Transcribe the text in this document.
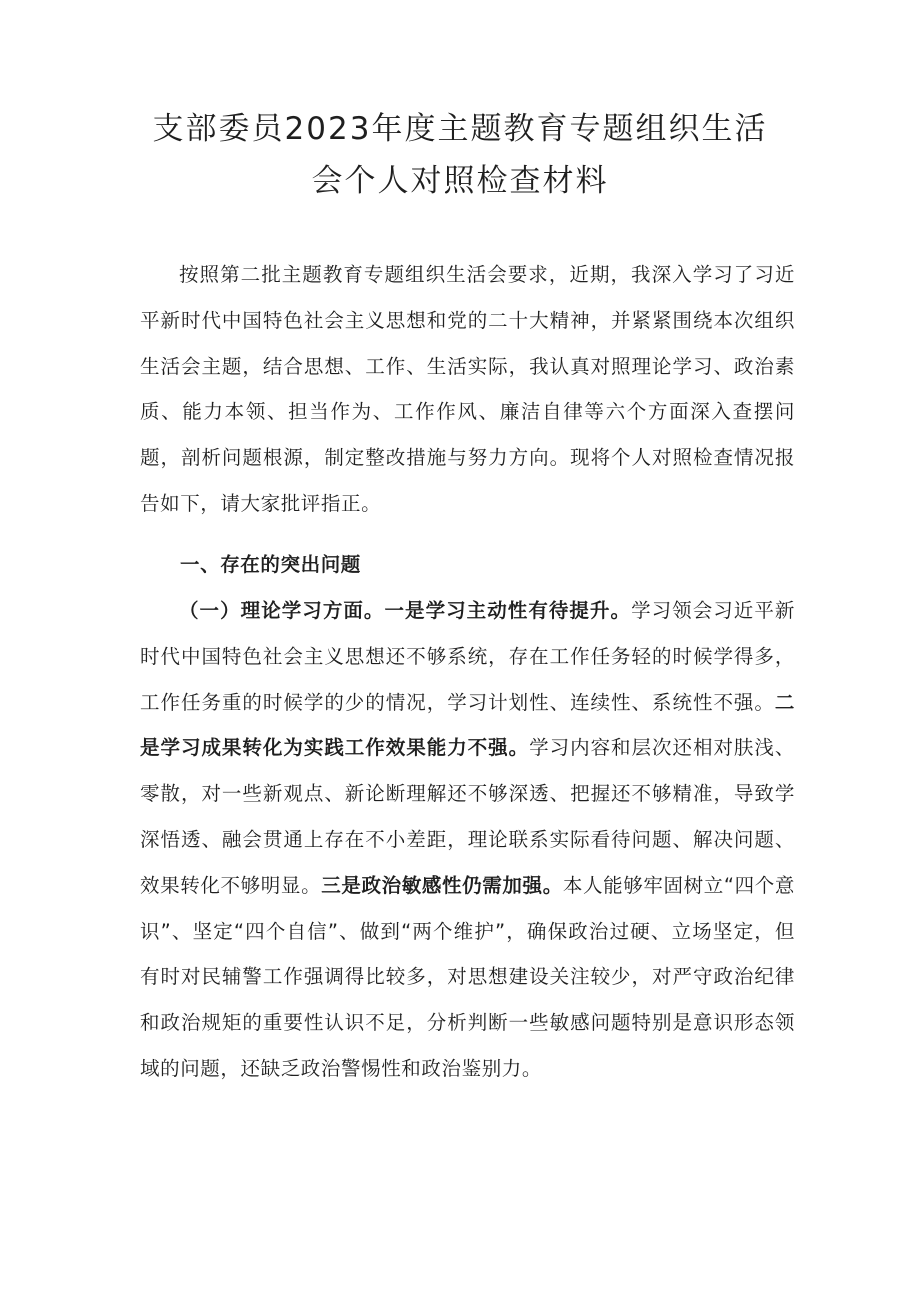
支部委员2023年度主题教育专题组织生活
会个人对照检查材料

按照第二批主题教育专题组织生活会要求，近期，我深入学习了习近平新时代中国特色社会主义思想和党的二十大精神，并紧紧围绕本次组织生活会主题，结合思想、工作、生活实际，我认真对照理论学习、政治素质、能力本领、担当作为、工作作风、廉洁自律等六个方面深入查摆问题，剖析问题根源，制定整改措施与努力方向。现将个人对照检查情况报告如下，请大家批评指正。

一、存在的突出问题

（一）理论学习方面。一是学习主动性有待提升。学习领会习近平新时代中国特色社会主义思想还不够系统，存在工作任务轻的时候学得多，工作任务重的时候学的少的情况，学习计划性、连续性、系统性不强。二是学习成果转化为实践工作效果能力不强。学习内容和层次还相对肤浅、零散，对一些新观点、新论断理解还不够深透、把握还不够精准，导致学深悟透、融会贯通上存在不小差距，理论联系实际看待问题、解决问题、效果转化不够明显。三是政治敏感性仍需加强。本人能够牢固树立“四个意识”、坚定“四个自信”、做到“两个维护”，确保政治过硬、立场坚定，但有时对民辅警工作强调得比较多，对思想建设关注较少，对严守政治纪律和政治规矩的重要性认识不足，分析判断一些敏感问题特别是意识形态领域的问题，还缺乏政治警惕性和政治鉴别力。
